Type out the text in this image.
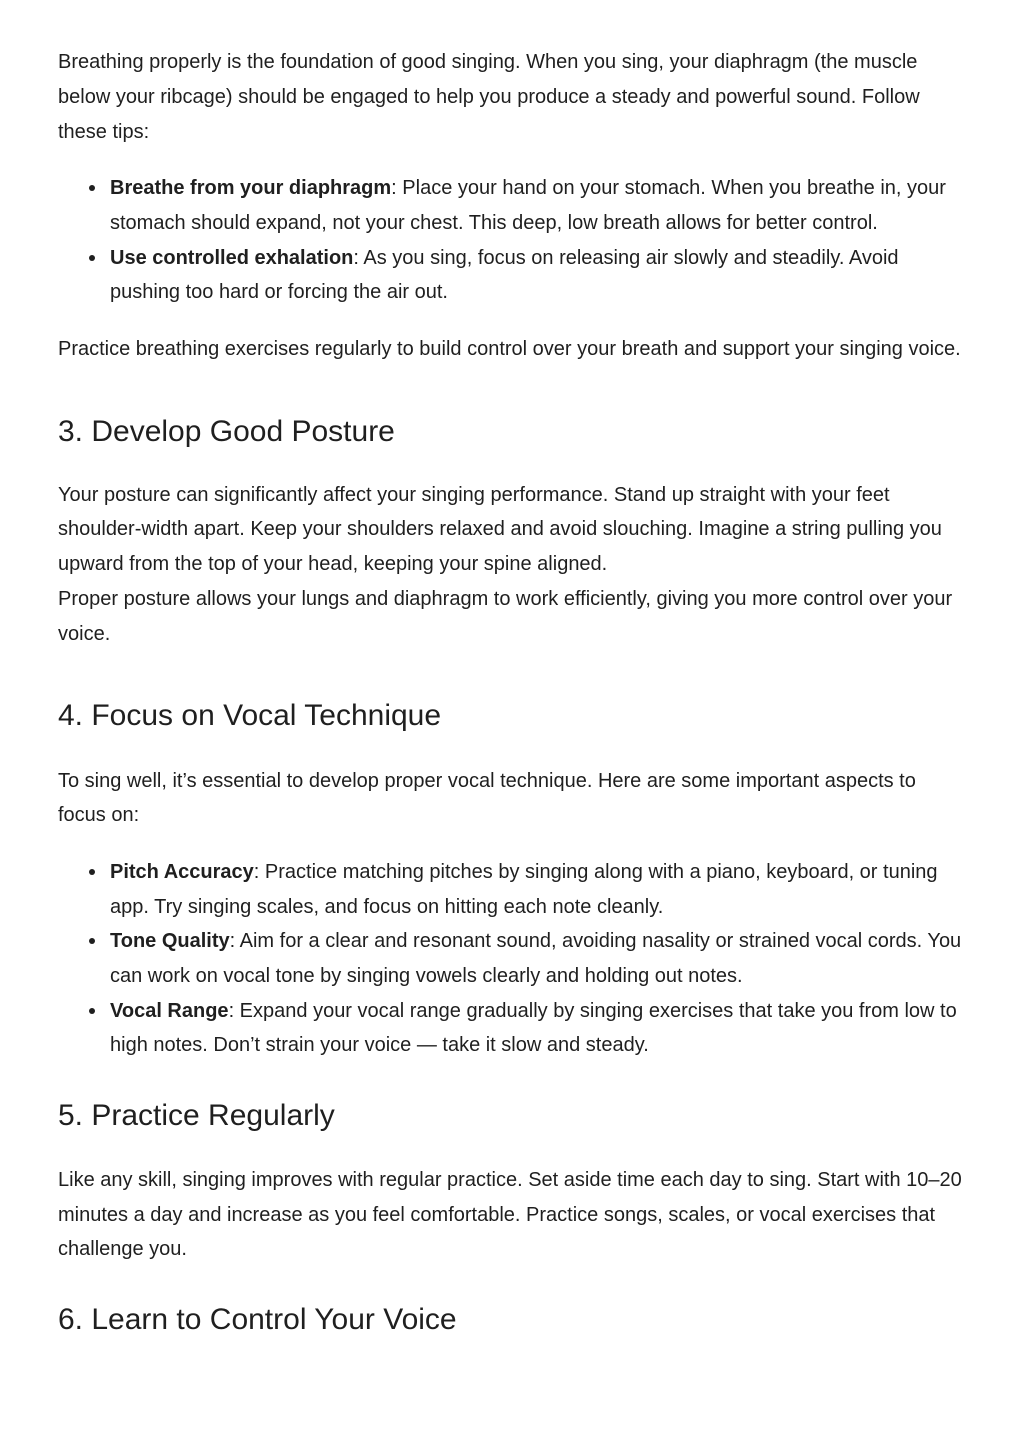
Breathing properly is the foundation of good singing. When you sing, your diaphragm (the muscle below your ribcage) should be engaged to help you produce a steady and powerful sound. Follow these tips:

Breathe from your diaphragm: Place your hand on your stomach. When you breathe in, your stomach should expand, not your chest. This deep, low breath allows for better control.
Use controlled exhalation: As you sing, focus on releasing air slowly and steadily. Avoid pushing too hard or forcing the air out.

Practice breathing exercises regularly to build control over your breath and support your singing voice.

3. Develop Good Posture

Your posture can significantly affect your singing performance. Stand up straight with your feet shoulder-width apart. Keep your shoulders relaxed and avoid slouching. Imagine a string pulling you upward from the top of your head, keeping your spine aligned.

Proper posture allows your lungs and diaphragm to work efficiently, giving you more control over your voice.

4. Focus on Vocal Technique

To sing well, it’s essential to develop proper vocal technique. Here are some important aspects to focus on:

Pitch Accuracy: Practice matching pitches by singing along with a piano, keyboard, or tuning app. Try singing scales, and focus on hitting each note cleanly.
Tone Quality: Aim for a clear and resonant sound, avoiding nasality or strained vocal cords. You can work on vocal tone by singing vowels clearly and holding out notes.
Vocal Range: Expand your vocal range gradually by singing exercises that take you from low to high notes. Don’t strain your voice — take it slow and steady.
5. Practice Regularly

Like any skill, singing improves with regular practice. Set aside time each day to sing. Start with 10–20 minutes a day and increase as you feel comfortable. Practice songs, scales, or vocal exercises that challenge you.

6. Learn to Control Your Voice
